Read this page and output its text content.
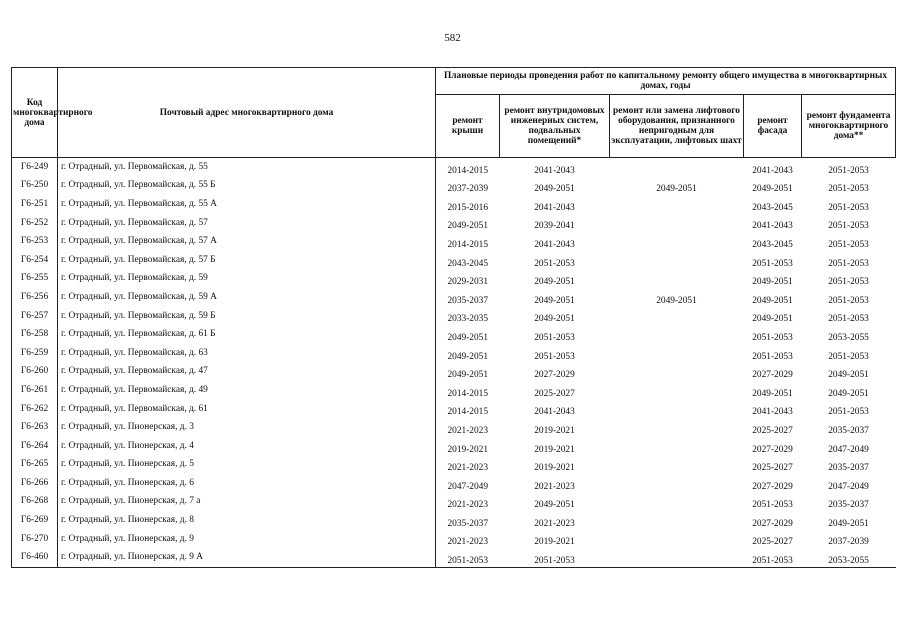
582
Код многоквартирного дома	Почтовый адрес многоквартирного дома	Плановые периоды проведения работ по капитальному ремонту общего имущества в многоквартирных домах, годы				
		ремонт крыши	ремонт внутридомовых инженерных систем, подвальных помещений*	ремонт или замена лифтового оборудования, признанного непригодным для эксплуатации, лифтовых шахт	ремонт фасада	ремонт фундамента многоквартирного дома**
Г6-249	г. Отрадный, ул. Первомайская, д. 55	2014-2015	2041-2043		2041-2043	2051-2053
Г6-250	г. Отрадный, ул. Первомайская, д. 55 Б	2037-2039	2049-2051	2049-2051	2049-2051	2051-2053
Г6-251	г. Отрадный, ул. Первомайская, д. 55 А	2015-2016	2041-2043		2043-2045	2051-2053
Г6-252	г. Отрадный, ул. Первомайская, д. 57	2049-2051	2039-2041		2041-2043	2051-2053
Г6-253	г. Отрадный, ул. Первомайская, д. 57 А	2014-2015	2041-2043		2043-2045	2051-2053
Г6-254	г. Отрадный, ул. Первомайская, д. 57 Б	2043-2045	2051-2053		2051-2053	2051-2053
Г6-255	г. Отрадный, ул. Первомайская, д. 59	2029-2031	2049-2051		2049-2051	2051-2053
Г6-256	г. Отрадный, ул. Первомайская, д. 59 А	2035-2037	2049-2051	2049-2051	2049-2051	2051-2053
Г6-257	г. Отрадный, ул. Первомайская, д. 59 Б	2033-2035	2049-2051		2049-2051	2051-2053
Г6-258	г. Отрадный, ул. Первомайская, д. 61 Б	2049-2051	2051-2053		2051-2053	2053-2055
Г6-259	г. Отрадный, ул. Первомайская, д. 63	2049-2051	2051-2053		2051-2053	2051-2053
Г6-260	г. Отрадный, ул. Первомайская, д. 47	2049-2051	2027-2029		2027-2029	2049-2051
Г6-261	г. Отрадный, ул. Первомайская, д. 49	2014-2015	2025-2027		2049-2051	2049-2051
Г6-262	г. Отрадный, ул. Первомайская, д. 61	2014-2015	2041-2043		2041-2043	2051-2053
Г6-263	г. Отрадный, ул. Пионерская, д. 3	2021-2023	2019-2021		2025-2027	2035-2037
Г6-264	г. Отрадный, ул. Пионерская, д. 4	2019-2021	2019-2021		2027-2029	2047-2049
Г6-265	г. Отрадный, ул. Пионерская, д. 5	2021-2023	2019-2021		2025-2027	2035-2037
Г6-266	г. Отрадный, ул. Пионерская, д. 6	2047-2049	2021-2023		2027-2029	2047-2049
Г6-268	г. Отрадный, ул. Пионерская, д. 7 а	2021-2023	2049-2051		2051-2053	2035-2037
Г6-269	г. Отрадный, ул. Пионерская, д. 8	2035-2037	2021-2023		2027-2029	2049-2051
Г6-270	г. Отрадный, ул. Пионерская, д. 9	2021-2023	2019-2021		2025-2027	2037-2039
Г6-460	г. Отрадный, ул. Пионерская, д. 9 А	2051-2053	2051-2053		2051-2053	2053-2055
